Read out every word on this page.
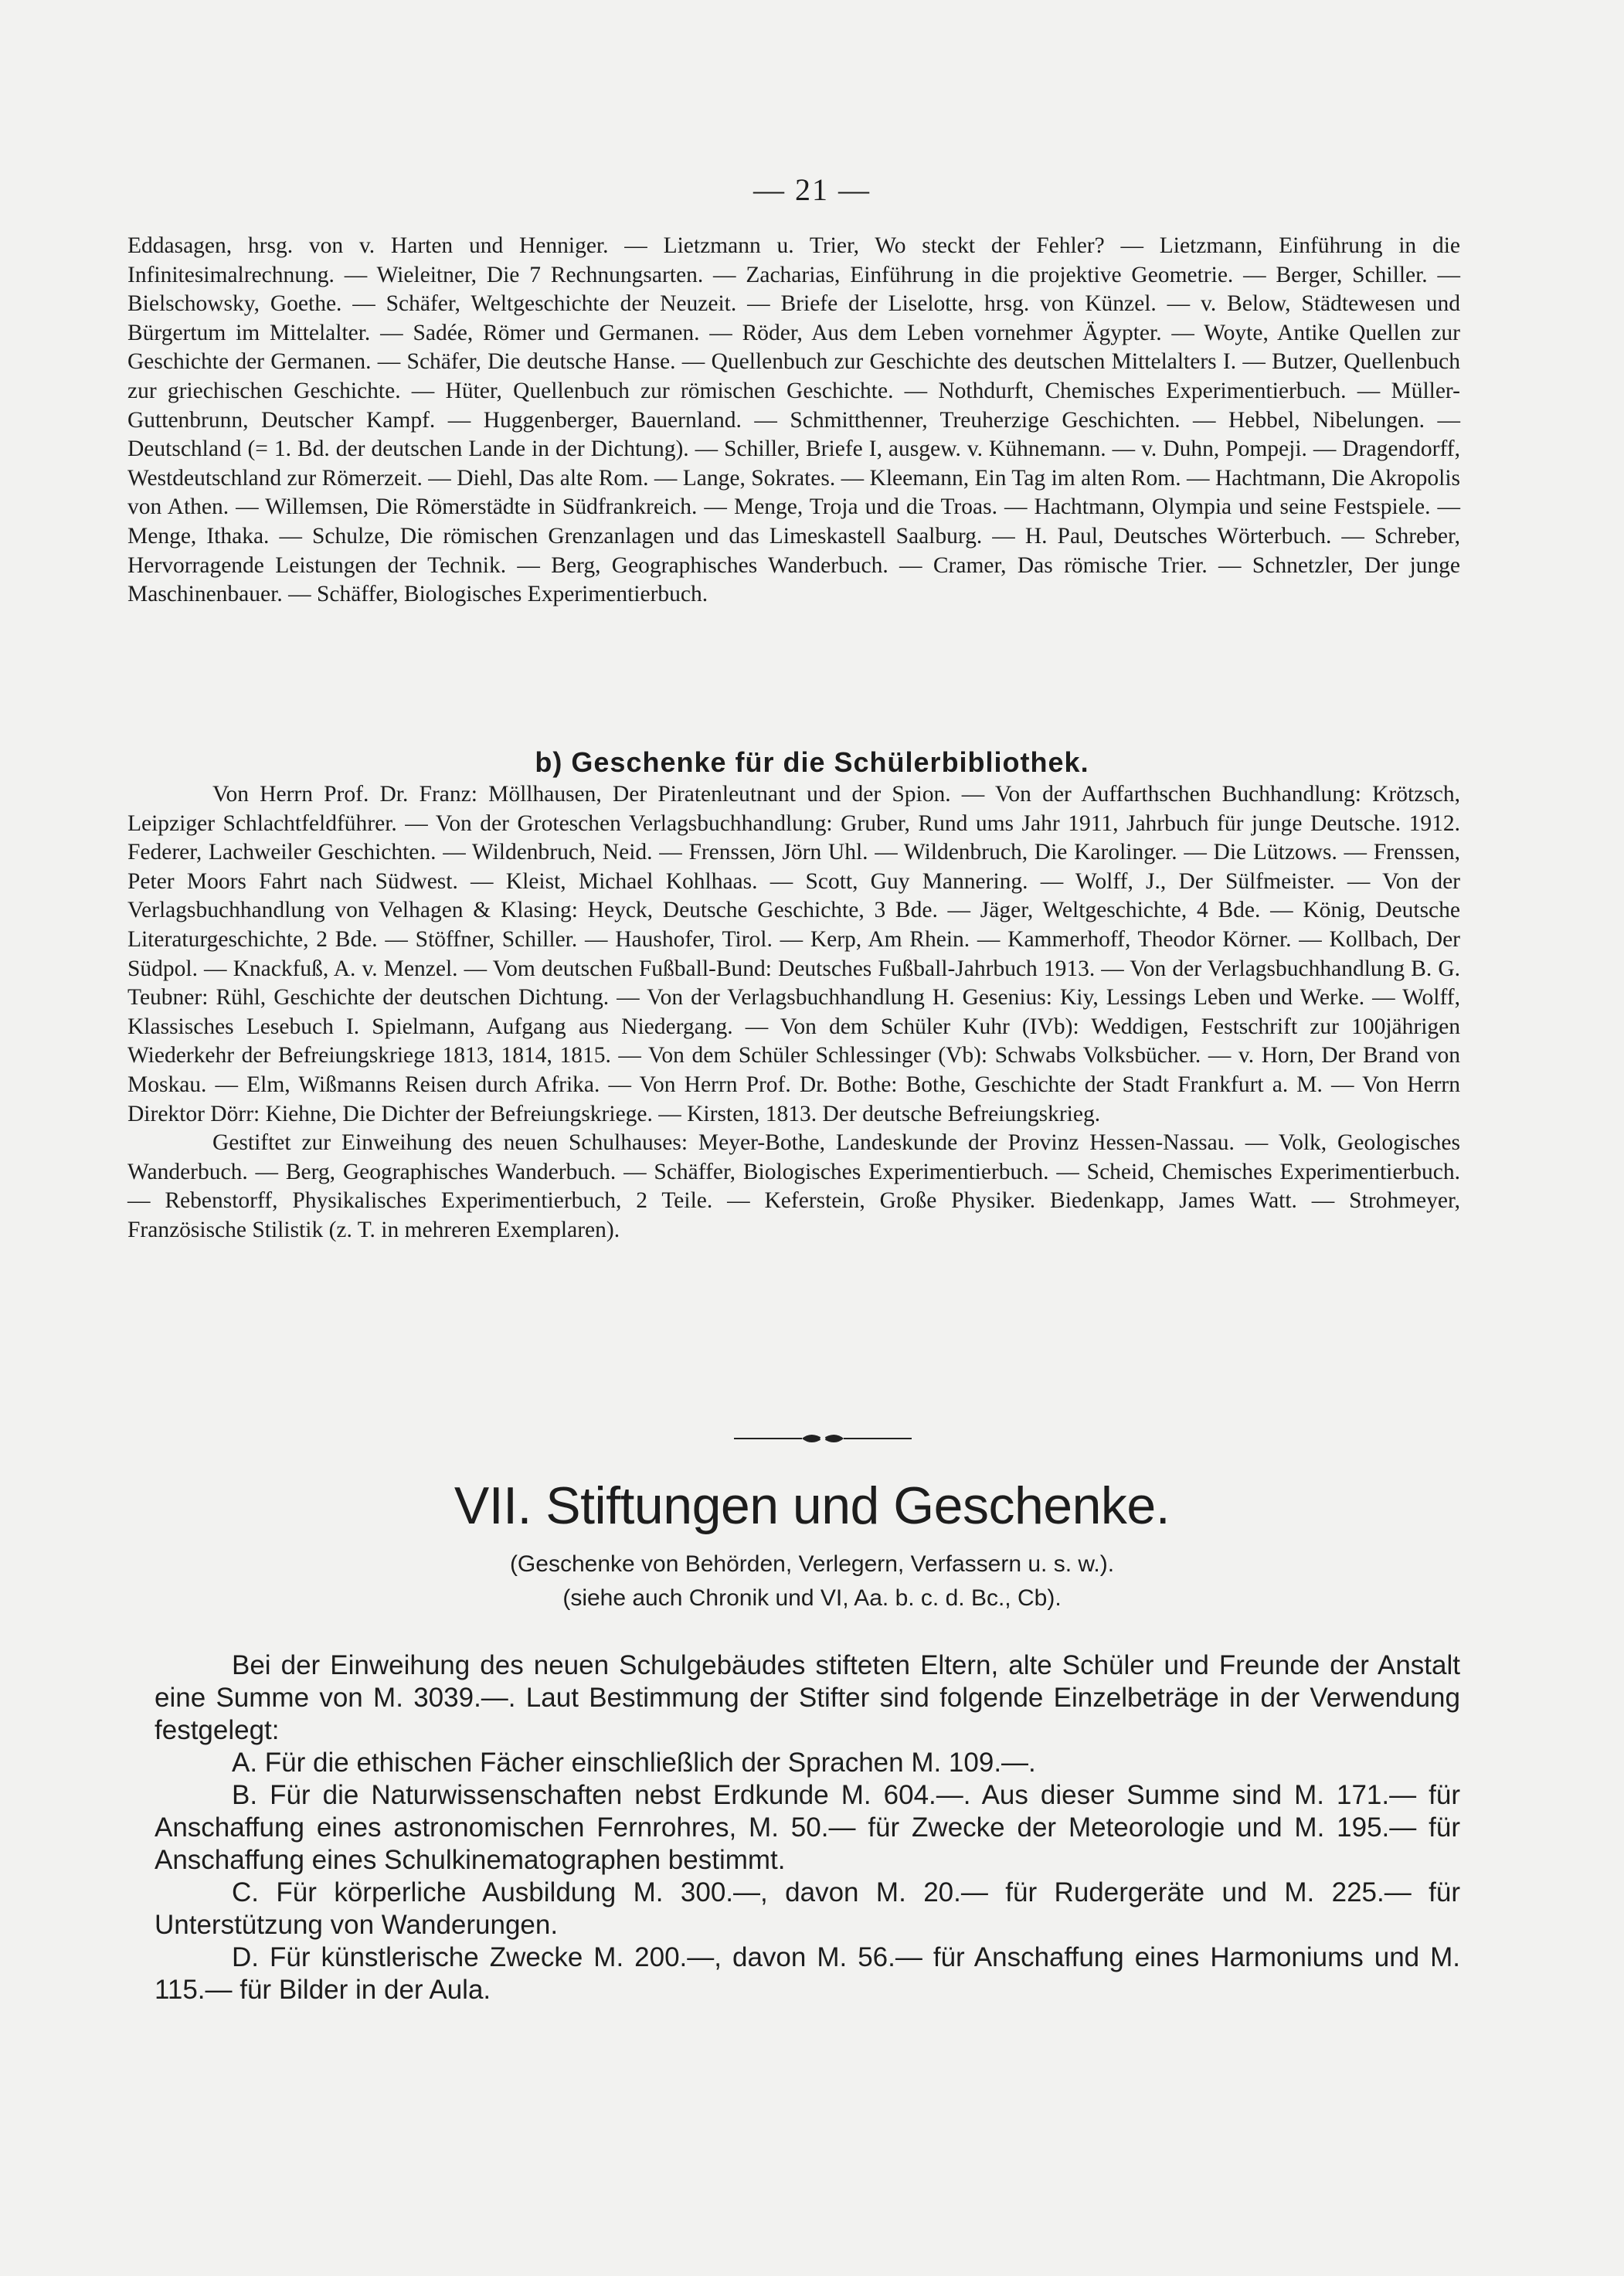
— 21 —

Eddasagen, hrsg. von v. Harten und Henniger. — Lietzmann u. Trier, Wo steckt der Fehler? — Lietzmann, Einführung in die Infinitesimalrechnung. — Wieleitner, Die 7 Rechnungsarten. — Zacharias, Einführung in die projektive Geometrie. — Berger, Schiller. — Bielschowsky, Goethe. — Schäfer, Weltgeschichte der Neuzeit. — Briefe der Liselotte, hrsg. von Künzel. — v. Below, Städtewesen und Bürgertum im Mittelalter. — Sadée, Römer und Germanen. — Röder, Aus dem Leben vornehmer Ägypter. — Woyte, Antike Quellen zur Geschichte der Germanen. — Schäfer, Die deutsche Hanse. — Quellenbuch zur Geschichte des deutschen Mittelalters I. — Butzer, Quellenbuch zur griechischen Geschichte. — Hüter, Quellenbuch zur römischen Geschichte. — Nothdurft, Chemisches Experimentierbuch. — Müller-Guttenbrunn, Deutscher Kampf. — Huggenberger, Bauernland. — Schmitthenner, Treuherzige Geschichten. — Hebbel, Nibelungen. — Deutschland (= 1. Bd. der deutschen Lande in der Dichtung). — Schiller, Briefe I, ausgew. v. Kühnemann. — v. Duhn, Pompeji. — Dragendorff, Westdeutschland zur Römerzeit. — Diehl, Das alte Rom. — Lange, Sokrates. — Kleemann, Ein Tag im alten Rom. — Hachtmann, Die Akropolis von Athen. — Willemsen, Die Römerstädte in Südfrankreich. — Menge, Troja und die Troas. — Hachtmann, Olympia und seine Festspiele. — Menge, Ithaka. — Schulze, Die römischen Grenzanlagen und das Limeskastell Saalburg. — H. Paul, Deutsches Wörterbuch. — Schreber, Hervorragende Leistungen der Technik. — Berg, Geographisches Wanderbuch. — Cramer, Das römische Trier. — Schnetzler, Der junge Maschinenbauer. — Schäffer, Biologisches Experimentierbuch.

b) Geschenke für die Schülerbibliothek.

Von Herrn Prof. Dr. Franz: Möllhausen, Der Piratenleutnant und der Spion. — Von der Auffarthschen Buchhandlung: Krötzsch, Leipziger Schlachtfeldführer. — Von der Groteschen Verlagsbuchhandlung: Gruber, Rund ums Jahr 1911, Jahrbuch für junge Deutsche. 1912. Federer, Lachweiler Geschichten. — Wildenbruch, Neid. — Frenssen, Jörn Uhl. — Wildenbruch, Die Karolinger. — Die Lützows. — Frenssen, Peter Moors Fahrt nach Südwest. — Kleist, Michael Kohlhaas. — Scott, Guy Mannering. — Wolff, J., Der Sülfmeister. — Von der Verlagsbuchhandlung von Velhagen & Klasing: Heyck, Deutsche Geschichte, 3 Bde. — Jäger, Weltgeschichte, 4 Bde. — König, Deutsche Literaturgeschichte, 2 Bde. — Stöffner, Schiller. — Haushofer, Tirol. — Kerp, Am Rhein. — Kammerhoff, Theodor Körner. — Kollbach, Der Südpol. — Knackfuß, A. v. Menzel. — Vom deutschen Fußball-Bund: Deutsches Fußball-Jahrbuch 1913. — Von der Verlagsbuchhandlung B. G. Teubner: Rühl, Geschichte der deutschen Dichtung. — Von der Verlagsbuchhandlung H. Gesenius: Kiy, Lessings Leben und Werke. — Wolff, Klassisches Lesebuch I. Spielmann, Aufgang aus Niedergang. — Von dem Schüler Kuhr (IVb): Weddigen, Festschrift zur 100jährigen Wiederkehr der Befreiungskriege 1813, 1814, 1815. — Von dem Schüler Schlessinger (Vb): Schwabs Volksbücher. — v. Horn, Der Brand von Moskau. — Elm, Wißmanns Reisen durch Afrika. — Von Herrn Prof. Dr. Bothe: Bothe, Geschichte der Stadt Frankfurt a. M. — Von Herrn Direktor Dörr: Kiehne, Die Dichter der Befreiungskriege. — Kirsten, 1813. Der deutsche Befreiungskrieg.

Gestiftet zur Einweihung des neuen Schulhauses: Meyer-Bothe, Landeskunde der Provinz Hessen-Nassau. — Volk, Geologisches Wanderbuch. — Berg, Geographisches Wanderbuch. — Schäffer, Biologisches Experimentierbuch. — Scheid, Chemisches Experimentierbuch. — Rebenstorff, Physikalisches Experimentierbuch, 2 Teile. — Keferstein, Große Physiker. Biedenkapp, James Watt. — Strohmeyer, Französische Stilistik (z. T. in mehreren Exemplaren).

VII. Stiftungen und Geschenke.
(Geschenke von Behörden, Verlegern, Verfassern u. s. w.).
(siehe auch Chronik und VI, Aa. b. c. d. Bc., Cb).

Bei der Einweihung des neuen Schulgebäudes stifteten Eltern, alte Schüler und Freunde der Anstalt eine Summe von M. 3039.—. Laut Bestimmung der Stifter sind folgende Einzelbeträge in der Verwendung festgelegt:

A. Für die ethischen Fächer einschließlich der Sprachen M. 109.—.

B. Für die Naturwissenschaften nebst Erdkunde M. 604.—. Aus dieser Summe sind M. 171.— für Anschaffung eines astronomischen Fernrohres, M. 50.— für Zwecke der Meteorologie und M. 195.— für Anschaffung eines Schulkinematographen bestimmt.

C. Für körperliche Ausbildung M. 300.—, davon M. 20.— für Rudergeräte und M. 225.— für Unterstützung von Wanderungen.

D. Für künstlerische Zwecke M. 200.—, davon M. 56.— für Anschaffung eines Harmoniums und M. 115.— für Bilder in der Aula.
